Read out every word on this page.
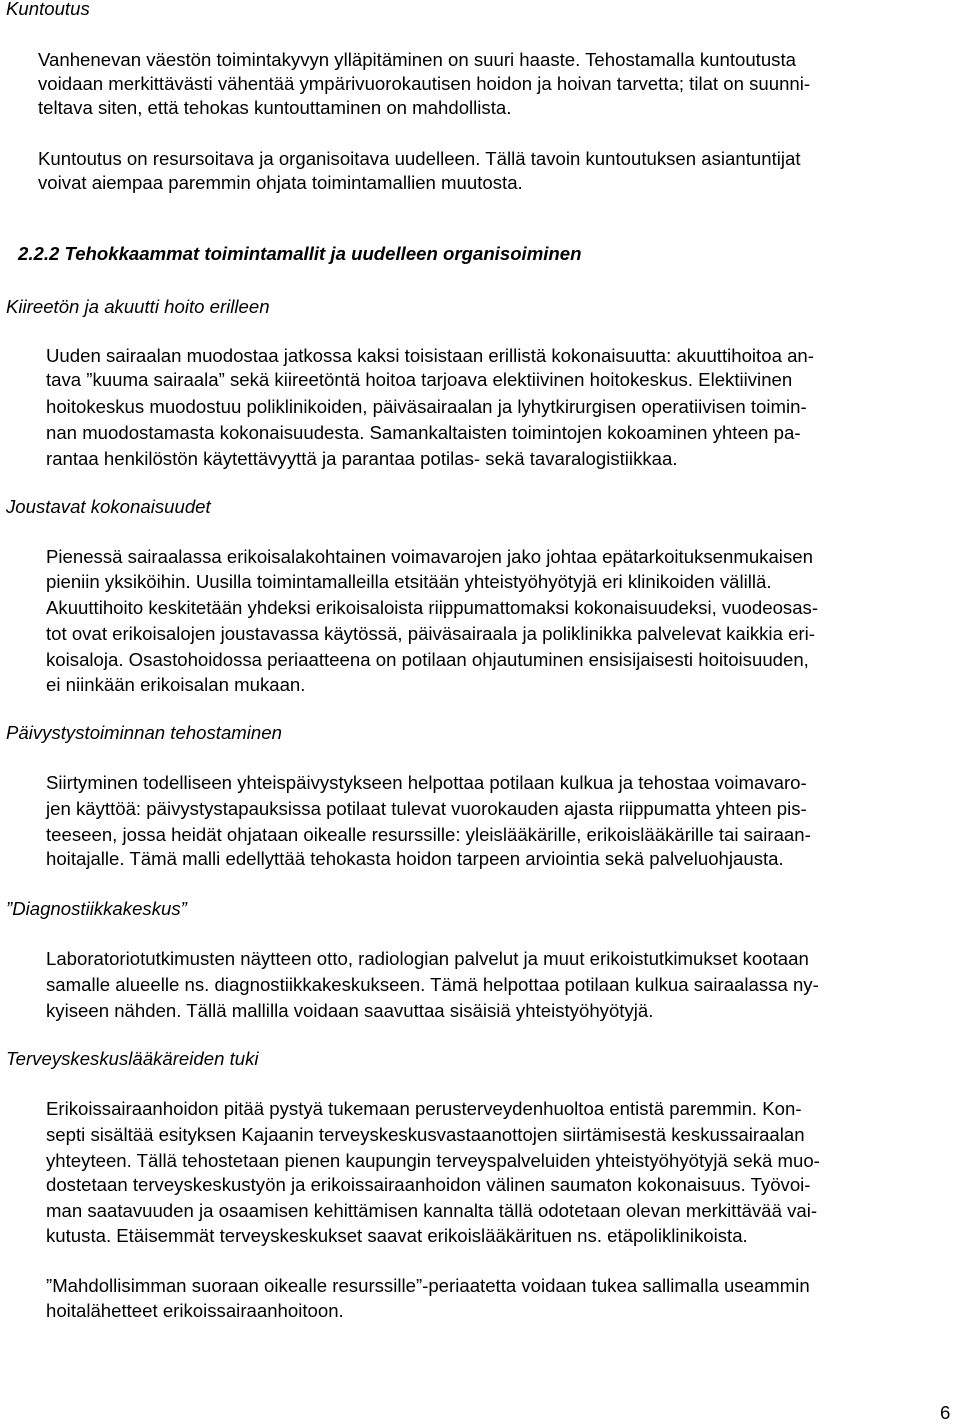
Kuntoutus
Vanhenevan väestön toimintakyvyn ylläpitäminen on suuri haaste. Tehostamalla kuntoutusta
voidaan merkittävästi vähentää ympärivuorokautisen hoidon ja hoivan tarvetta; tilat on suunni-
teltava siten, että tehokas kuntouttaminen on mahdollista.
Kuntoutus on resursoitava ja organisoitava uudelleen. Tällä tavoin kuntoutuksen asiantuntijat
voivat aiempaa paremmin ohjata toimintamallien muutosta.
2.2.2 Tehokkaammat toimintamallit ja uudelleen organisoiminen
Kiireetön ja akuutti hoito erilleen
Uuden sairaalan muodostaa jatkossa kaksi toisistaan erillistä kokonaisuutta: akuuttihoitoa an-
tava ”kuuma sairaala” sekä kiireetöntä hoitoa tarjoava elektiivinen hoitokeskus. Elektiivinen
hoitokeskus muodostuu poliklinikoiden, päiväsairaalan ja lyhytkirurgisen operatiivisen toimin-
nan muodostamasta kokonaisuudesta. Samankaltaisten toimintojen kokoaminen yhteen pa-
rantaa henkilöstön käytettävyyttä ja parantaa potilas- sekä tavaralogistiikkaa.
Joustavat kokonaisuudet
Pienessä sairaalassa erikoisalakohtainen voimavarojen jako johtaa epätarkoituksenmukaisen
pieniin yksiköihin. Uusilla toimintamalleilla etsitään yhteistyöhyötyjä eri klinikoiden välillä.
Akuuttihoito keskitetään yhdeksi erikoisaloista riippumattomaksi kokonaisuudeksi, vuodeosas-
tot ovat erikoisalojen joustavassa käytössä, päiväsairaala ja poliklinikka palvelevat kaikkia eri-
koisaloja. Osastohoidossa periaatteena on potilaan ohjautuminen ensisijaisesti hoitoisuuden,
ei niinkään erikoisalan mukaan.
Päivystystoiminnan tehostaminen
Siirtyminen todelliseen yhteispäivystykseen helpottaa potilaan kulkua ja tehostaa voimavaro-
jen käyttöä: päivystystapauksissa potilaat tulevat vuorokauden ajasta riippumatta yhteen pis-
teeseen, jossa heidät ohjataan oikealle resurssille: yleislääkärille, erikoislääkärille tai sairaan-
hoitajalle. Tämä malli edellyttää tehokasta hoidon tarpeen arviointia sekä palveluohjausta.
”Diagnostiikkakeskus”
Laboratoriotutkimusten näytteen otto, radiologian palvelut ja muut erikoistutkimukset kootaan
samalle alueelle ns. diagnostiikkakeskukseen. Tämä helpottaa potilaan kulkua sairaalassa ny-
kyiseen nähden. Tällä mallilla voidaan saavuttaa sisäisiä yhteistyöhyötyjä.
Terveyskeskuslääkäreiden tuki
Erikoissairaanhoidon pitää pystyä tukemaan perusterveydenhuoltoa entistä paremmin. Kon-
septi sisältää esityksen Kajaanin terveyskeskusvastaanottojen siirtämisestä keskussairaalan
yhteyteen. Tällä tehostetaan pienen kaupungin terveyspalveluiden yhteistyöhyötyjä sekä muo-
dostetaan terveyskeskustyön ja erikoissairaanhoidon välinen saumaton kokonaisuus. Työvoi-
man saatavuuden ja osaamisen kehittämisen kannalta tällä odotetaan olevan merkittävää vai-
kutusta. Etäisemmät terveyskeskukset saavat erikoislääkärituen ns. etäpoliklinikoista.
”Mahdollisimman suoraan oikealle resurssille”-periaatetta voidaan tukea sallimalla useammin
hoitalähetteet erikoissairaanhoitoon.
6
